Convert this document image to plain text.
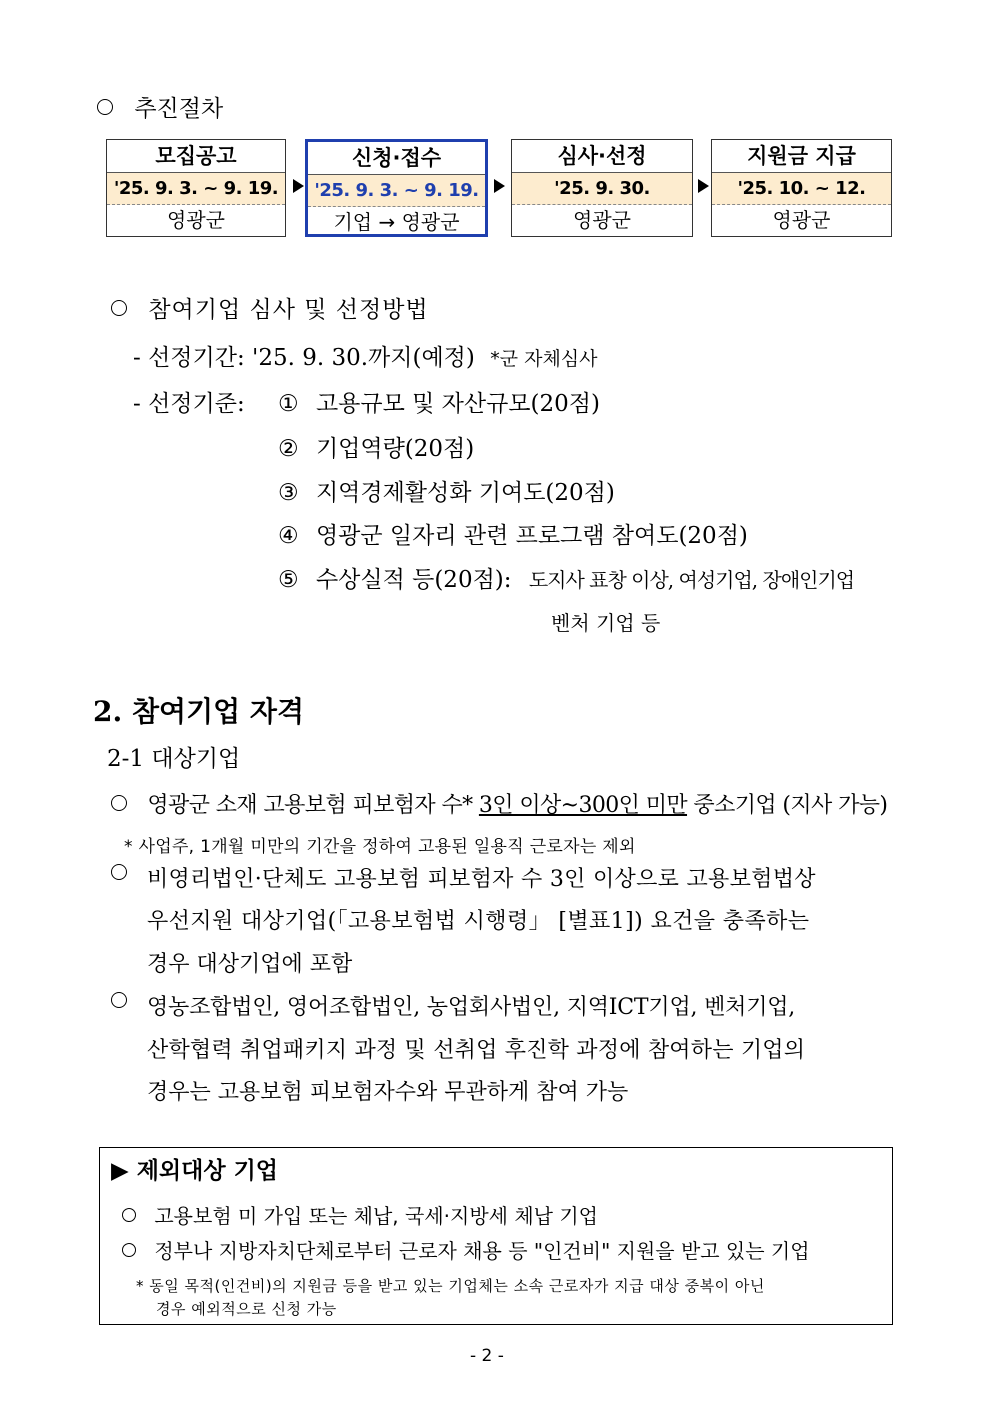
추진절차
모집공고
'25. 9. 3. ~ 9. 19.
영광군
신청·접수
'25. 9. 3. ~ 9. 19.
기업 → 영광군
심사·선정
'25. 9. 30.
영광군
지원금 지급
'25. 10. ~ 12.
영광군
참여기업 심사 및 선정방법
- 선정기간: '25. 9. 30.까지(예정) *군 자체심사
- 선정기준: ① 고용규모 및 자산규모(20점)
② 기업역량(20점)
③ 지역경제활성화 기여도(20점)
④ 영광군 일자리 관련 프로그램 참여도(20점)
⑤ 수상실적 등(20점): 도지사 표창 이상, 여성기업, 장애인기업
벤처 기업 등
2. 참여기업 자격
2-1 대상기업
영광군 소재 고용보험 피보험자 수* 3인 이상~300인 미만 중소기업 (지사 가능)
* 사업주, 1개월 미만의 기간을 정하여 고용된 일용직 근로자는 제외
비영리법인·단체도 고용보험 피보험자 수 3인 이상으로 고용보험법상
우선지원 대상기업(「고용보험법 시행령」 [별표1]) 요건을 충족하는
경우 대상기업에 포함
영농조합법인, 영어조합법인, 농업회사법인, 지역ICT기업, 벤처기업,
산학협력 취업패키지 과정 및 선취업 후진학 과정에 참여하는 기업의
경우는 고용보험 피보험자수와 무관하게 참여 가능
▶ 제외대상 기업
고용보험 미 가입 또는 체납, 국세·지방세 체납 기업
정부나 지방자치단체로부터 근로자 채용 등 "인건비" 지원을 받고 있는 기업
* 동일 목적(인건비)의 지원금 등을 받고 있는 기업체는 소속 근로자가 지급 대상 중복이 아닌
경우 예외적으로 신청 가능
- 2 -
